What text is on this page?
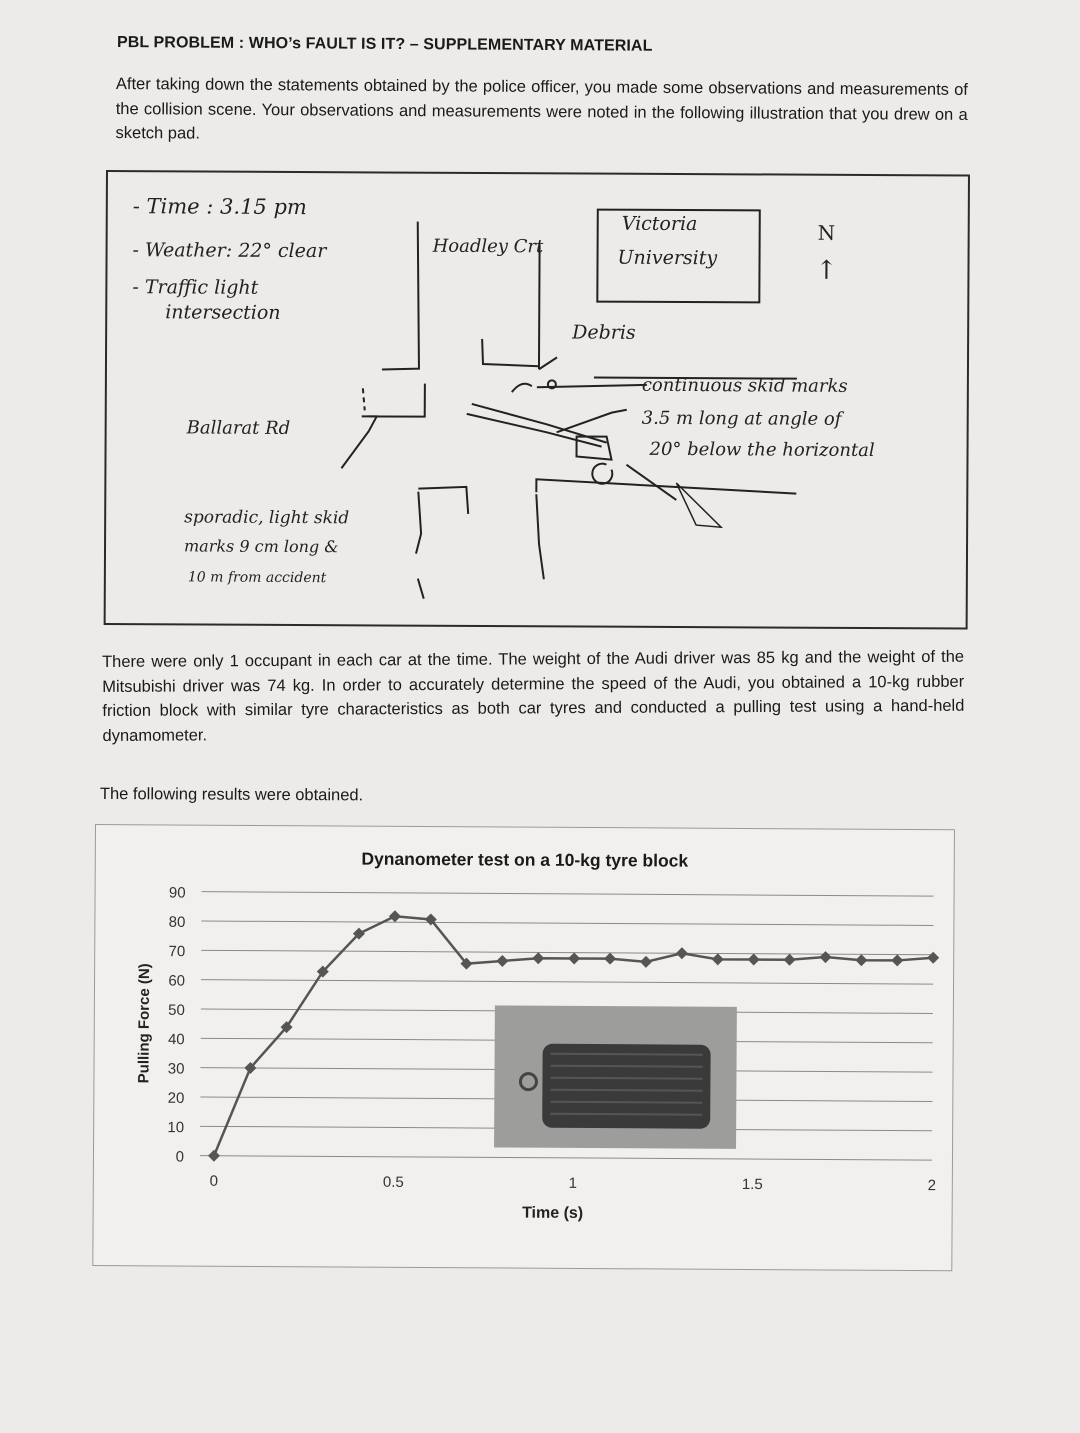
PBL PROBLEM : WHO’s FAULT IS IT? – SUPPLEMENTARY MATERIAL

After taking down the statements obtained by the police officer, you made some observations and measurements of the collision scene. Your observations and measurements were noted in the following illustration that you drew on a sketch pad.

- Time : 3.15 pm
- Weather: 22° clear
- Traffic light
intersection
Hoadley Crt
Victoria
University
N
↑
Debris
Ballarat Rd
continuous skid marks
3.5 m long at angle of
20° below the horizontal
sporadic, light skid
marks 9 cm long &
10 m from accident

There were only 1 occupant in each car at the time. The weight of the Audi driver was 85 kg and the weight of the Mitsubishi driver was 74 kg. In order to accurately determine the speed of the Audi, you obtained a 10-kg rubber friction block with similar tyre characteristics as both car tyres and conducted a pulling test using a hand-held dynamometer.

The following results were obtained.

Dynanometer test on a 10-kg tyre block
0
10
20
30
40
50
60
70
80
90
0	0.5	1	1.5	2
Time (s)
Pulling Force (N)
